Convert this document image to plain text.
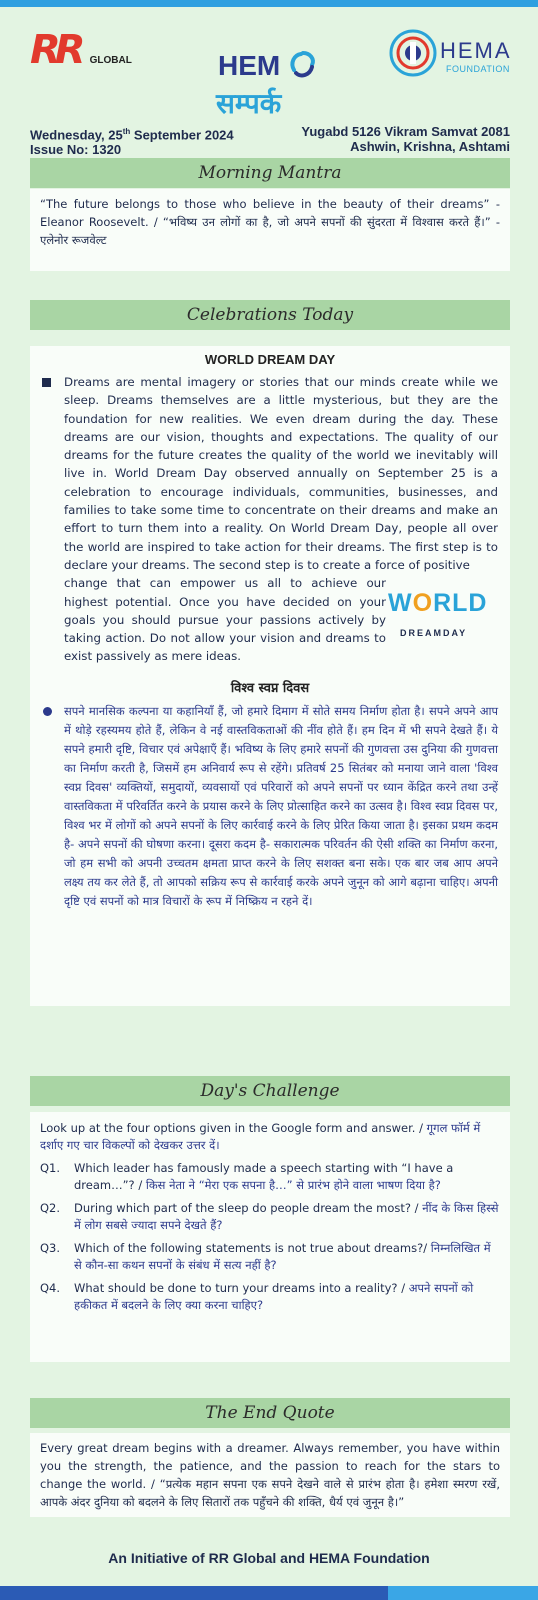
RR GLOBAL	HEM
सम्पर्क
HEMA
FOUNDATION
Wednesday, 25th September 2024
Issue No: 1320
Yugabd 5126 Vikram Samvat 2081
Ashwin, Krishna, Ashtami
Morning Mantra

“The future belongs to those who believe in the beauty of their dreams” - Eleanor Roosevelt. / “भविष्य उन लोगों का है, जो अपने सपनों की सुंदरता में विश्वास करते हैं।” - एलेनोर रूजवेल्ट

Celebrations Today
WORLD DREAM DAY

Dreams are mental imagery or stories that our minds create while we sleep. Dreams themselves are a little mysterious, but they are the foundation for new realities. We even dream during the day. These dreams are our vision, thoughts and expectations. The quality of our dreams for the future creates the quality of the world we inevitably will live in. World Dream Day observed annually on September 25 is a celebration to encourage individuals, communities, businesses, and families to take some time to concentrate on their dreams and make an effort to turn them into a reality. On World Dream Day, people all over the world are inspired to take action for their dreams. The first step is to declare your dreams. The second step is to create a force of positive

change that can empower us all to achieve our highest potential. Once you have decided on your goals you should pursue your passions actively by taking action. Do not allow your vision and dreams to exist passively as mere ideas.

WORLD
DREAMDAY
विश्व स्वप्न दिवस
सपने मानसिक कल्पना या कहानियाँ हैं, जो हमारे दिमाग में सोते समय निर्माण होता है। सपने अपने आप में थोड़े रहस्यमय होते हैं, लेकिन वे नई वास्तविकताओं की नींव होते हैं। हम दिन में भी सपने देखते हैं। ये सपने हमारी दृष्टि, विचार एवं अपेक्षाएँ हैं। भविष्य के लिए हमारे सपनों की गुणवत्ता उस दुनिया की गुणवत्ता का निर्माण करती है, जिसमें हम अनिवार्य रूप से रहेंगे। प्रतिवर्ष 25 सितंबर को मनाया जाने वाला 'विश्व स्वप्न दिवस' व्यक्तियों, समुदायों, व्यवसायों एवं परिवारों को अपने सपनों पर ध्यान केंद्रित करने तथा उन्हें वास्तविकता में परिवर्तित करने के प्रयास करने के लिए प्रोत्साहित करने का उत्सव है। विश्व स्वप्न दिवस पर, विश्व भर में लोगों को अपने सपनों के लिए कार्रवाई करने के लिए प्रेरित किया जाता है। इसका प्रथम कदम है- अपने सपनों की घोषणा करना। दूसरा कदम है- सकारात्मक परिवर्तन की ऐसी शक्ति का निर्माण करना, जो हम सभी को अपनी उच्चतम क्षमता प्राप्त करने के लिए सशक्त बना सके। एक बार जब आप अपने लक्ष्य तय कर लेते हैं, तो आपको सक्रिय रूप से कार्रवाई करके अपने जुनून को आगे बढ़ाना चाहिए। अपनी दृष्टि एवं सपनों को मात्र विचारों के रूप में निष्क्रिय न रहने दें।
Day's Challenge

Look up at the four options given in the Google form and answer. / गूगल फॉर्म में दर्शाए गए चार विकल्पों को देखकर उत्तर दें।

Q1. Which leader has famously made a speech starting with “I have a dream…”? / किस नेता ने “मेरा एक सपना है…” से प्रारंभ होने वाला भाषण दिया है?
Q2. During which part of the sleep do people dream the most? / नींद के किस हिस्से में लोग सबसे ज्यादा सपने देखते हैं?
Q3. Which of the following statements is not true about dreams?/ निम्नलिखित में से कौन-सा कथन सपनों के संबंध में सत्य नहीं है?
Q4. What should be done to turn your dreams into a reality? / अपने सपनों को हकीकत में बदलने के लिए क्या करना चाहिए?
The End Quote

Every great dream begins with a dreamer. Always remember, you have within you the strength, the patience, and the passion to reach for the stars to change the world. / “प्रत्येक महान सपना एक सपने देखने वाले से प्रारंभ होता है। हमेशा स्मरण रखें, आपके अंदर दुनिया को बदलने के लिए सितारों तक पहुँचने की शक्ति, धैर्य एवं जुनून है।”

An Initiative of RR Global and HEMA Foundation
